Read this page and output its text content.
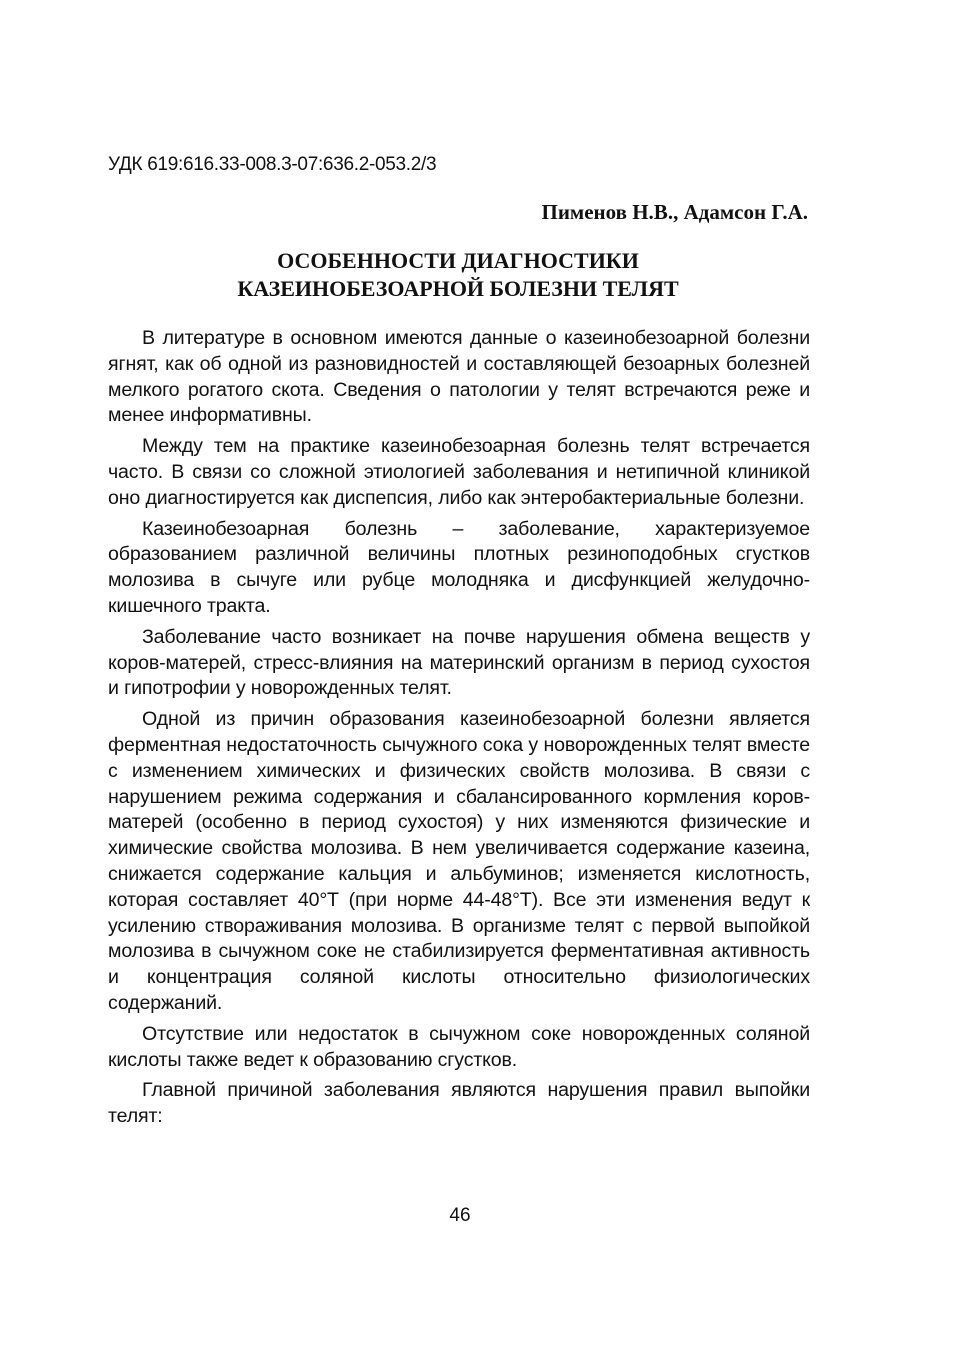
УДК 619:616.33-008.3-07:636.2-053.2/3

Пименов Н.В., Адамсон Г.А.

ОСОБЕННОСТИ ДИАГНОСТИКИ
КАЗЕИНОБЕЗОАРНОЙ БОЛЕЗНИ ТЕЛЯТ

В литературе в основном имеются данные о казеинобезоарной болезни ягнят, как об одной из разновидностей и составляющей безоарных болезней мелкого рогатого скота. Сведения о патологии у телят встречаются реже и менее информативны.

Между тем на практике казеинобезоарная болезнь телят встречается часто. В связи со сложной этиологией заболевания и нетипичной клиникой оно диагностируется как диспепсия, либо как энтеробактериальные болезни.

Казеинобезоарная болезнь – заболевание, характеризуемое образованием различной величины плотных резиноподобных сгустков молозива в сычуге или рубце молодняка и дисфункцией желудочно-кишечного тракта.

Заболевание часто возникает на почве нарушения обмена веществ у коров-матерей, стресс-влияния на материнский организм в период сухостоя и гипотрофии у новорожденных телят.

Одной из причин образования казеинобезоарной болезни является ферментная недостаточность сычужного сока у новорожденных телят вместе с изменением химических и физических свойств молозива. В связи с нарушением режима содержания и сбалансированного кормления коров-матерей (особенно в период сухостоя) у них изменяются физические и химические свойства молозива. В нем увеличивается содержание казеина, снижается содержание кальция и альбуминов; изменяется кислотность, которая составляет 40°Т (при норме 44-48°Т). Все эти изменения ведут к усилению створаживания молозива. В организме телят с первой выпойкой молозива в сычужном соке не стабилизируется ферментативная активность и концентрация соляной кислоты относительно физиологических содержаний.

Отсутствие или недостаток в сычужном соке новорожденных соляной кислоты также ведет к образованию сгустков.

Главной причиной заболевания являются нарушения правил выпойки телят:

46
